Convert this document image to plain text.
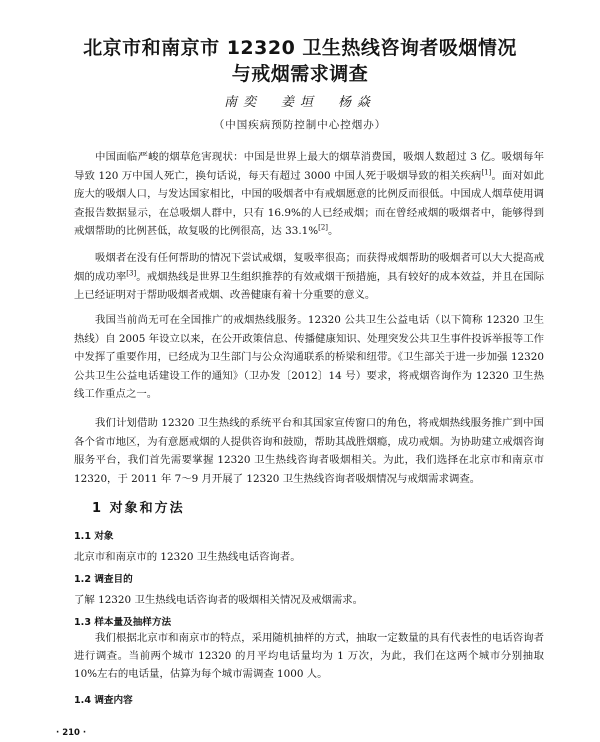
北京市和南京市 12320 卫生热线咨询者吸烟情况
与戒烟需求调查
南奕　姜垣　杨焱
（中国疾病预防控制中心控烟办）

中国面临严峻的烟草危害现状：中国是世界上最大的烟草消费国，吸烟人数超过 3 亿。吸烟每年导致 120 万中国人死亡，换句话说，每天有超过 3000 中国人死于吸烟导致的相关疾病[1]。面对如此庞大的吸烟人口，与发达国家相比，中国的吸烟者中有戒烟愿意的比例反而很低。中国成人烟草使用调查报告数据显示，在总吸烟人群中，只有 16.9%的人已经戒烟；而在曾经戒烟的吸烟者中，能够得到戒烟帮助的比例甚低，故复吸的比例很高，达 33.1%[2]。

吸烟者在没有任何帮助的情况下尝试戒烟，复吸率很高；而获得戒烟帮助的吸烟者可以大大提高戒烟的成功率[3]。戒烟热线是世界卫生组织推荐的有效戒烟干预措施，具有较好的成本效益，并且在国际上已经证明对于帮助吸烟者戒烟、改善健康有着十分重要的意义。

我国当前尚无可在全国推广的戒烟热线服务。12320 公共卫生公益电话（以下简称 12320 卫生热线）自 2005 年设立以来，在公开政策信息、传播健康知识、处理突发公共卫生事件投诉举报等工作中发挥了重要作用，已经成为卫生部门与公众沟通联系的桥梁和纽带。《卫生部关于进一步加强 12320 公共卫生公益电话建设工作的通知》（卫办发〔2012〕14 号）要求，将戒烟咨询作为 12320 卫生热线工作重点之一。

我们计划借助 12320 卫生热线的系统平台和其国家宣传窗口的角色，将戒烟热线服务推广到中国各个省市地区，为有意愿戒烟的人提供咨询和鼓励，帮助其战胜烟瘾，成功戒烟。为协助建立戒烟咨询服务平台，我们首先需要掌握 12320 卫生热线咨询者吸烟相关。为此，我们选择在北京市和南京市 12320，于 2011 年 7～9 月开展了 12320 卫生热线咨询者吸烟情况与戒烟需求调查。

1 对象和方法
1.1 对象

北京市和南京市的 12320 卫生热线电话咨询者。

1.2 调查目的

了解 12320 卫生热线电话咨询者的吸烟相关情况及戒烟需求。

1.3 样本量及抽样方法

我们根据北京市和南京市的特点，采用随机抽样的方式，抽取一定数量的具有代表性的电话咨询者进行调查。当前两个城市 12320 的月平均电话量均为 1 万次，为此，我们在这两个城市分别抽取 10%左右的电话量，估算为每个城市需调查 1000 人。

1.4 调查内容
· 210 ·
